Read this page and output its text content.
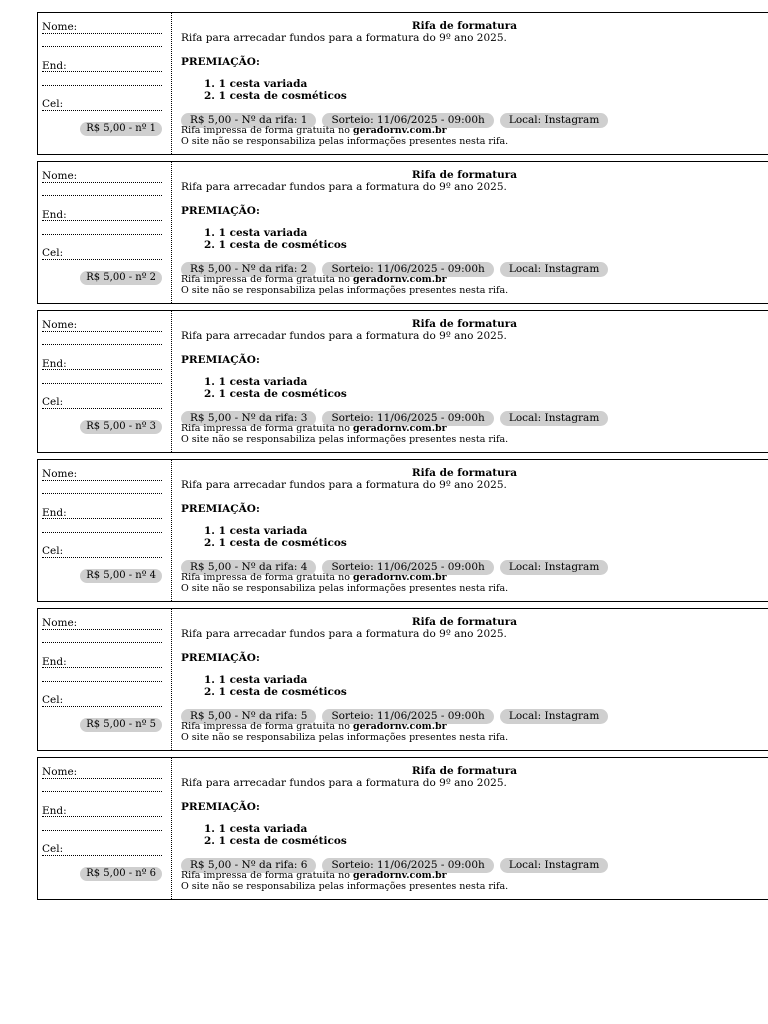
Nome:
End:
Cel:
R$ 5,00 - nº 1
Rifa de formatura
Rifa para arrecadar fundos para a formatura do 9º ano 2025.
PREMIAÇÃO:
1. 1 cesta variada
2. 1 cesta de cosméticos
R$ 5,00 - Nº da rifa: 1 Sorteio: 11/06/2025 - 09:00h Local: Instagram
Rifa impressa de forma gratuita no geradornv.com.br
O site não se responsabiliza pelas informações presentes nesta rifa.
Nome:
End:
Cel:
R$ 5,00 - nº 2
Rifa de formatura
Rifa para arrecadar fundos para a formatura do 9º ano 2025.
PREMIAÇÃO:
1. 1 cesta variada
2. 1 cesta de cosméticos
R$ 5,00 - Nº da rifa: 2 Sorteio: 11/06/2025 - 09:00h Local: Instagram
Rifa impressa de forma gratuita no geradornv.com.br
O site não se responsabiliza pelas informações presentes nesta rifa.
Nome:
End:
Cel:
R$ 5,00 - nº 3
Rifa de formatura
Rifa para arrecadar fundos para a formatura do 9º ano 2025.
PREMIAÇÃO:
1. 1 cesta variada
2. 1 cesta de cosméticos
R$ 5,00 - Nº da rifa: 3 Sorteio: 11/06/2025 - 09:00h Local: Instagram
Rifa impressa de forma gratuita no geradornv.com.br
O site não se responsabiliza pelas informações presentes nesta rifa.
Nome:
End:
Cel:
R$ 5,00 - nº 4
Rifa de formatura
Rifa para arrecadar fundos para a formatura do 9º ano 2025.
PREMIAÇÃO:
1. 1 cesta variada
2. 1 cesta de cosméticos
R$ 5,00 - Nº da rifa: 4 Sorteio: 11/06/2025 - 09:00h Local: Instagram
Rifa impressa de forma gratuita no geradornv.com.br
O site não se responsabiliza pelas informações presentes nesta rifa.
Nome:
End:
Cel:
R$ 5,00 - nº 5
Rifa de formatura
Rifa para arrecadar fundos para a formatura do 9º ano 2025.
PREMIAÇÃO:
1. 1 cesta variada
2. 1 cesta de cosméticos
R$ 5,00 - Nº da rifa: 5 Sorteio: 11/06/2025 - 09:00h Local: Instagram
Rifa impressa de forma gratuita no geradornv.com.br
O site não se responsabiliza pelas informações presentes nesta rifa.
Nome:
End:
Cel:
R$ 5,00 - nº 6
Rifa de formatura
Rifa para arrecadar fundos para a formatura do 9º ano 2025.
PREMIAÇÃO:
1. 1 cesta variada
2. 1 cesta de cosméticos
R$ 5,00 - Nº da rifa: 6 Sorteio: 11/06/2025 - 09:00h Local: Instagram
Rifa impressa de forma gratuita no geradornv.com.br
O site não se responsabiliza pelas informações presentes nesta rifa.
